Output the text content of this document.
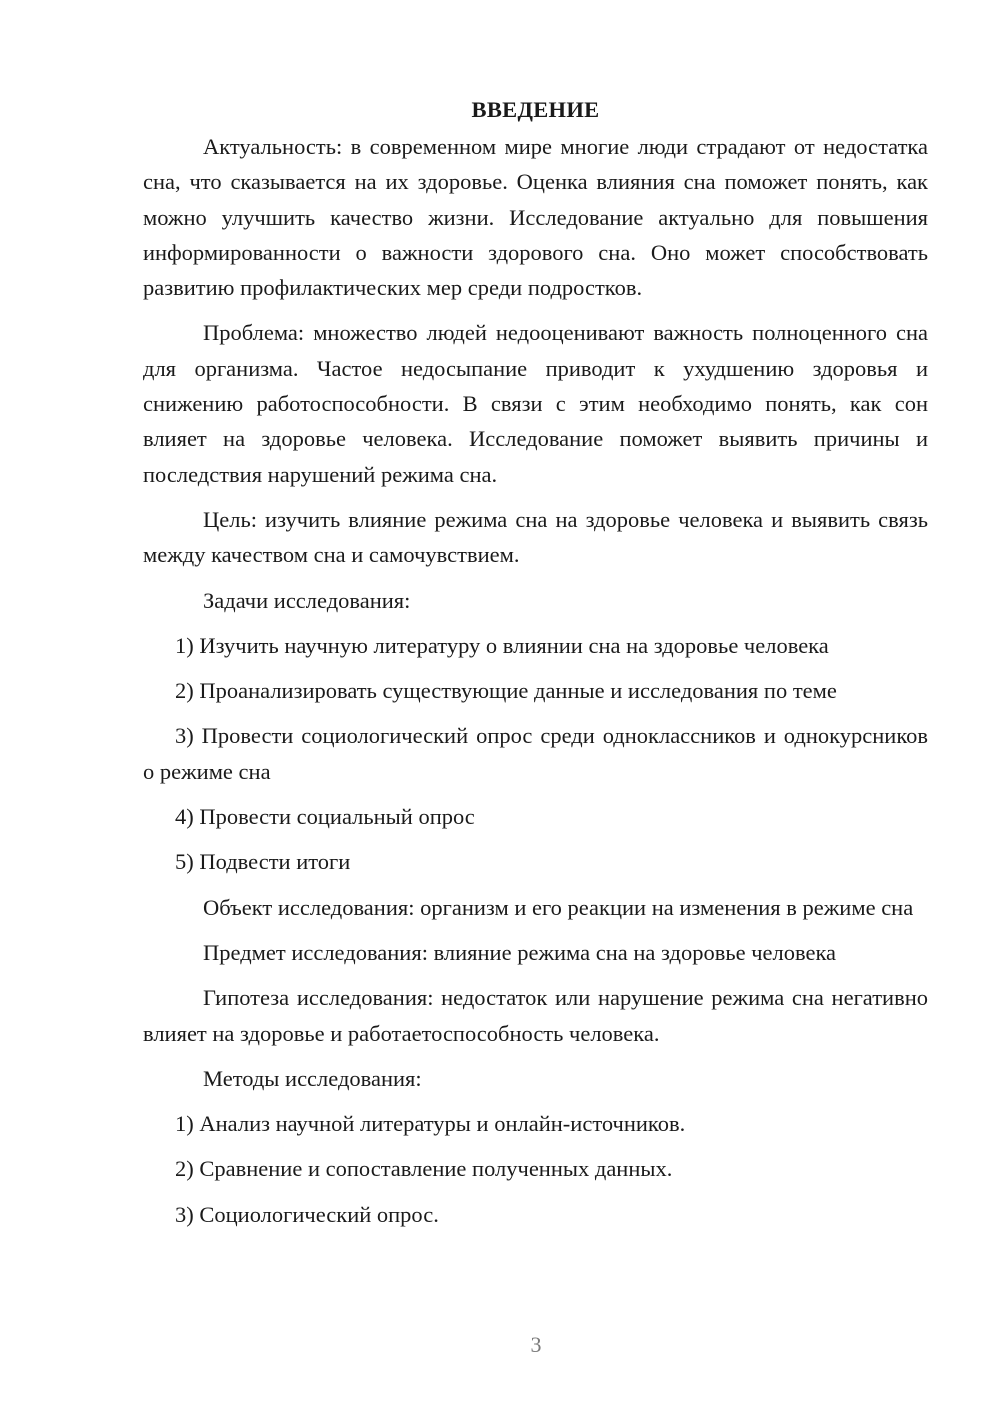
ВВЕДЕНИЕ

Актуальность: в современном мире многие люди страдают от недостатка сна, что сказывается на их здоровье. Оценка влияния сна поможет понять, как можно улучшить качество жизни. Исследование актуально для повышения информированности о важности здорового сна. Оно может способствовать развитию профилактических мер среди подростков.

Проблема: множество людей недооценивают важность полноценного сна для организма. Частое недосыпание приводит к ухудшению здоровья и снижению работоспособности. В связи с этим необходимо понять, как сон влияет на здоровье человека. Исследование поможет выявить причины и последствия нарушений режима сна.

Цель: изучить влияние режима сна на здоровье человека и выявить связь между качеством сна и самочувствием.

Задачи исследования:

1) Изучить научную литературу о влиянии сна на здоровье человека

2) Проанализировать существующие данные и исследования по теме

3) Провести социологический опрос среди одноклассников и однокурсников о режиме сна

4) Провести социальный опрос

5) Подвести итоги

Объект исследования: организм и его реакции на изменения в режиме сна

Предмет исследования: влияние режима сна на здоровье человека

Гипотеза исследования: недостаток или нарушение режима сна негативно влияет на здоровье и работаетоспособность человека.

Методы исследования:

1) Анализ научной литературы и онлайн-источников.

2) Сравнение и сопоставление полученных данных.

3) Социологический опрос.

3
